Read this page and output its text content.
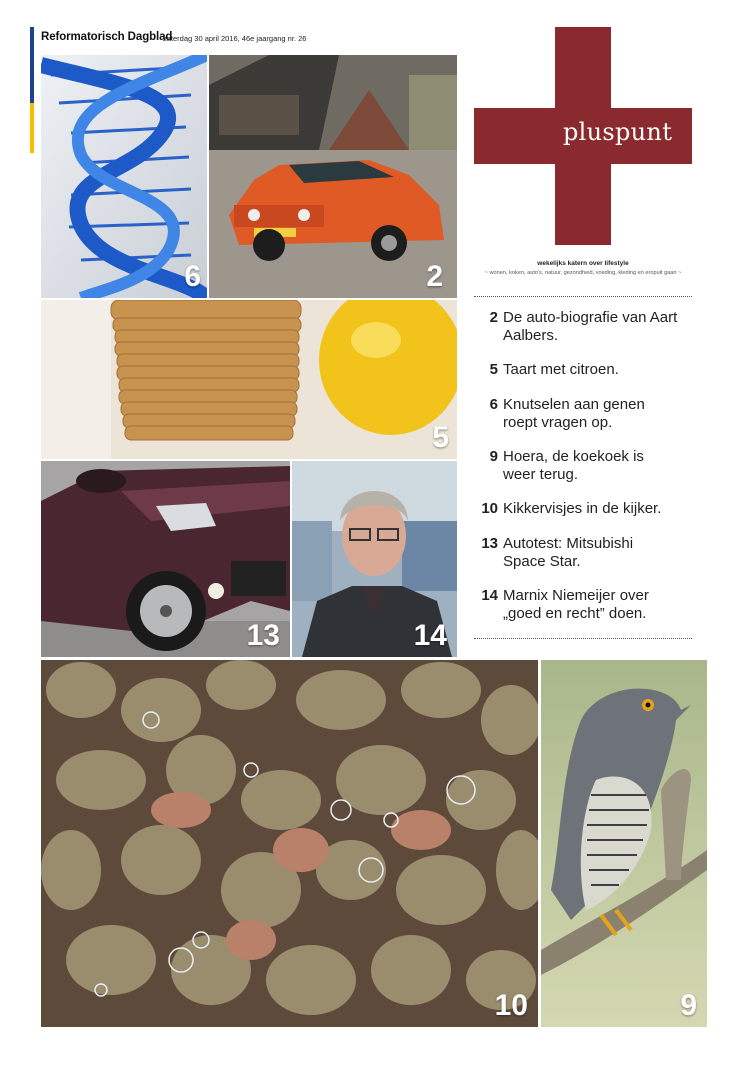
Reformatorisch Dagblad
zaterdag 30 april 2016, 46e jaargang nr. 26
6	2
5
13	14
10	9
pluspunt
wekelijks katern over lifestyle
~ wonen, koken, auto's, natuur, gezondheid, voeding, kleding en eropuit gaan ~
2 De auto-biografie van Aart Aalbers.
5 Taart met citroen.
6 Knutselen aan genen roept vragen op.
9 Hoera, de koekoek is weer terug.
10 Kikkervisjes in de kijker.
13 Autotest: Mitsubishi Space Star.
14 Marnix Niemeijer over „goed en recht” doen.
